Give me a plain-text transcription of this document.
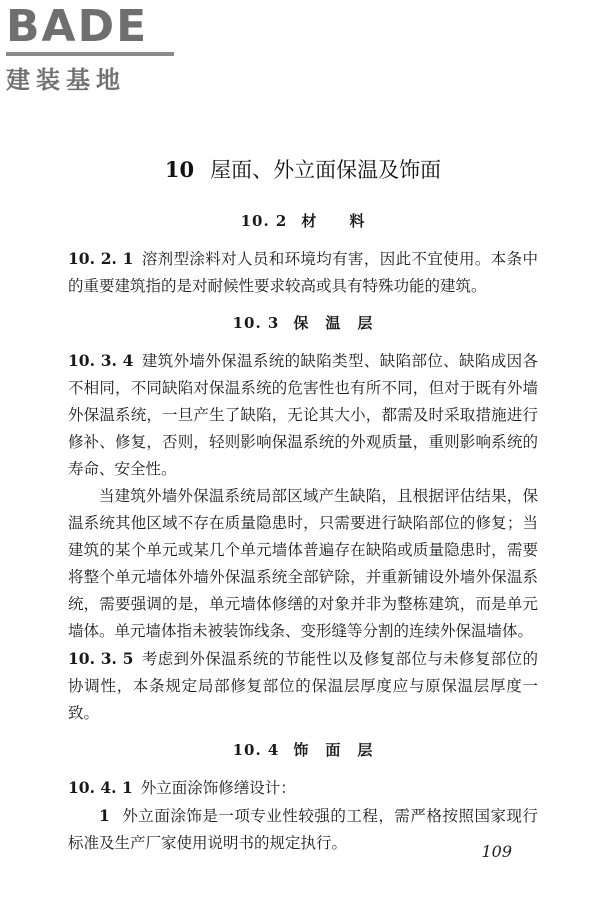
BADE
建装基地
10 屋面、外立面保温及饰面
10. 2 材　　料

10. 2. 1 溶剂型涂料对人员和环境均有害，因此不宜使用。本条中的重要建筑指的是对耐候性要求较高或具有特殊功能的建筑。

10. 3 保　温　层

10. 3. 4 建筑外墙外保温系统的缺陷类型、缺陷部位、缺陷成因各不相同，不同缺陷对保温系统的危害性也有所不同，但对于既有外墙外保温系统，一旦产生了缺陷，无论其大小，都需及时采取措施进行修补、修复，否则，轻则影响保温系统的外观质量，重则影响系统的寿命、安全性。

当建筑外墙外保温系统局部区域产生缺陷，且根据评估结果，保温系统其他区域不存在质量隐患时，只需要进行缺陷部位的修复；当建筑的某个单元或某几个单元墙体普遍存在缺陷或质量隐患时，需要将整个单元墙体外墙外保温系统全部铲除，并重新铺设外墙外保温系统，需要强调的是，单元墙体修缮的对象并非为整栋建筑，而是单元墙体。单元墙体指未被装饰线条、变形缝等分割的连续外保温墙体。

10. 3. 5 考虑到外保温系统的节能性以及修复部位与未修复部位的协调性，本条规定局部修复部位的保温层厚度应与原保温层厚度一致。

10. 4 饰　面　层

10. 4. 1 外立面涂饰修缮设计：

1 外立面涂饰是一项专业性较强的工程，需严格按照国家现行标准及生产厂家使用说明书的规定执行。	109
